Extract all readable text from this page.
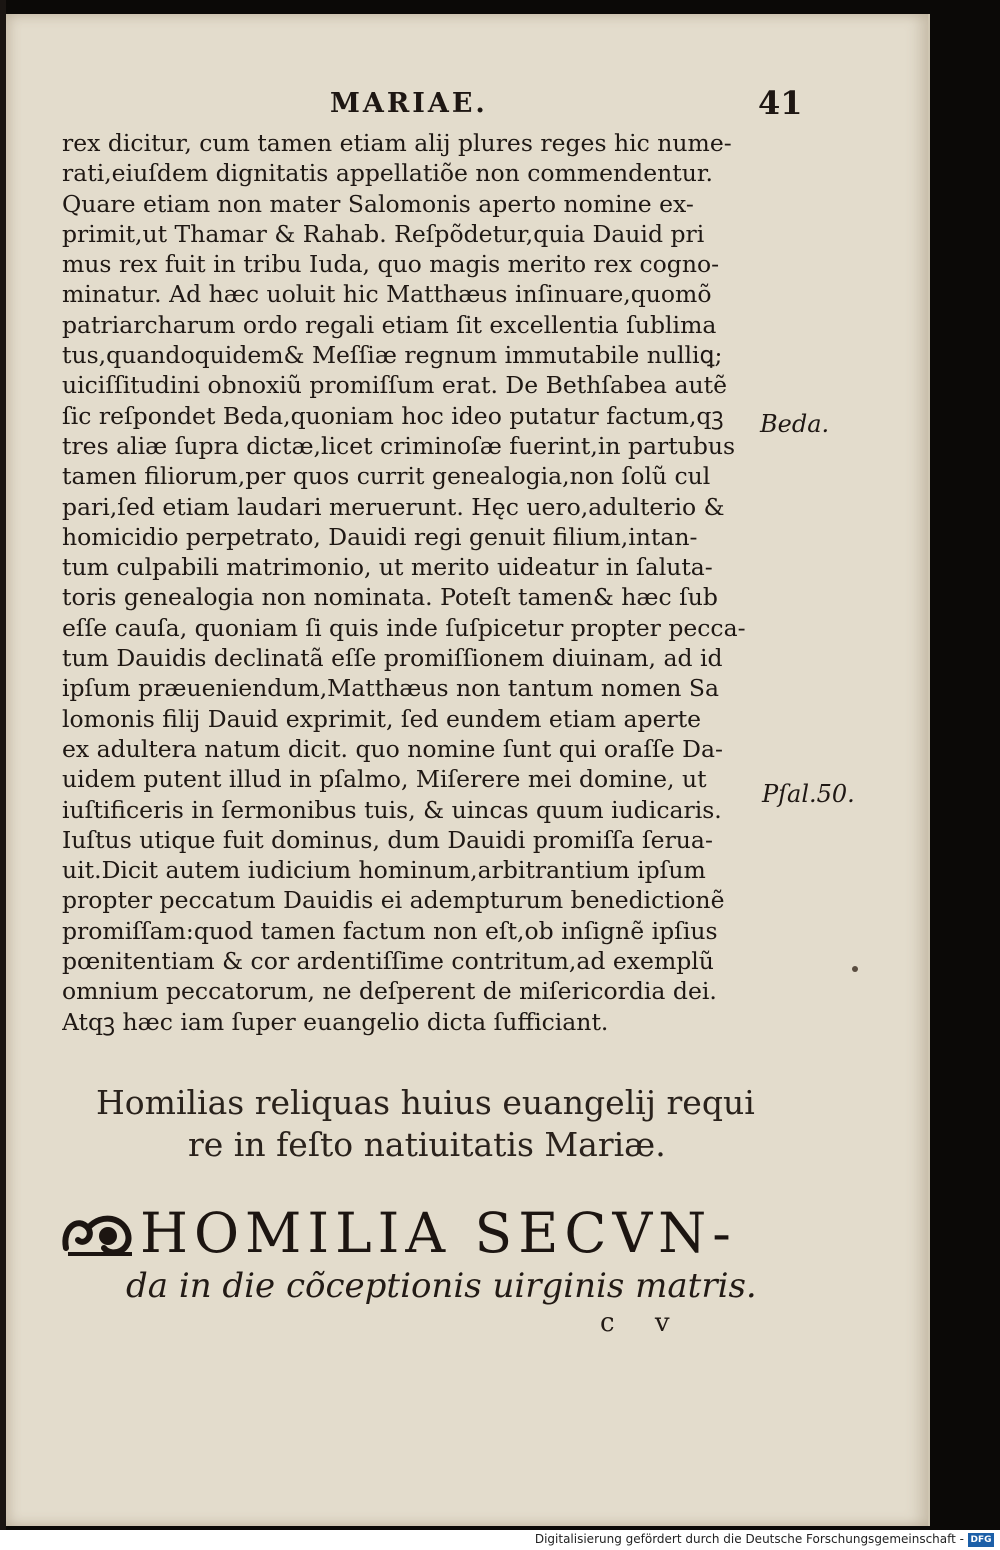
MARIAE.	41
rex dicitur, cum tamen etiam alij plures reges hic nume-
rati,eiuſdem dignitatis appellatiõe non commendentur.
Quare etiam non mater Salomonis aperto nomine ex-
primit,ut Thamar & Rahab. Reſpõdetur,quia Dauid pri
mus rex fuit in tribu Iuda, quo magis merito rex cogno-
minatur. Ad hæc uoluit hic Matthæus inſinuare,quomõ
patriarcharum ordo regali etiam ſit excellentia ſublima
tus,quandoquidem& Meſſiæ regnum immutabile nulliꝗ;
uiciſſitudini obnoxiũ promiſſum erat. De Bethſabea autẽ
ſic reſpondet Beda,quoniam hoc ideo putatur factum,qꝫ
tres aliæ ſupra dictæ,licet criminoſæ fuerint,in partubus
tamen filiorum,per quos currit genealogia,non ſolũ cul
pari,ſed etiam laudari meruerunt. Hęc uero,adulterio &
homicidio perpetrato, Dauidi regi genuit filium,intan-
tum culpabili matrimonio, ut merito uideatur in ſaluta-
toris genealogia non nominata. Poteſt tamen& hæc ſub
eſſe cauſa, quoniam ſi quis inde ſuſpicetur propter pecca-
tum Dauidis declinatã eſſe promiſſionem diuinam, ad id
ipſum præueniendum,Matthæus non tantum nomen Sa
lomonis filij Dauid exprimit, ſed eundem etiam aperte
ex adultera natum dicit. quo nomine ſunt qui oraſſe Da-
uidem putent illud in pſalmo, Miſerere mei domine, ut
iuſtificeris in ſermonibus tuis, & uincas quum iudicaris.
Iuſtus utique fuit dominus, dum Dauidi promiſſa ſerua-
uit.Dicit autem iudicium hominum,arbitrantium ipſum
propter peccatum Dauidis ei adempturum benedictionẽ
promiſſam:quod tamen factum non eſt,ob inſignẽ ipſius
pœnitentiam & cor ardentiſſime contritum,ad exemplũ
omnium peccatorum, ne deſperent de miſericordia dei.
Atqꝫ hæc iam ſuper euangelio dicta ſufficiant.
Beda.
Pſal.50.
Homilias reliquas huius euangelij requi
re in feſto natiuitatis Mariæ.
HOMILIA SECVN-
da in die cõceptionis uirginis matris.
c v
Digitalisierung gefördert durch die Deutsche Forschungsgemeinschaft - DFG
